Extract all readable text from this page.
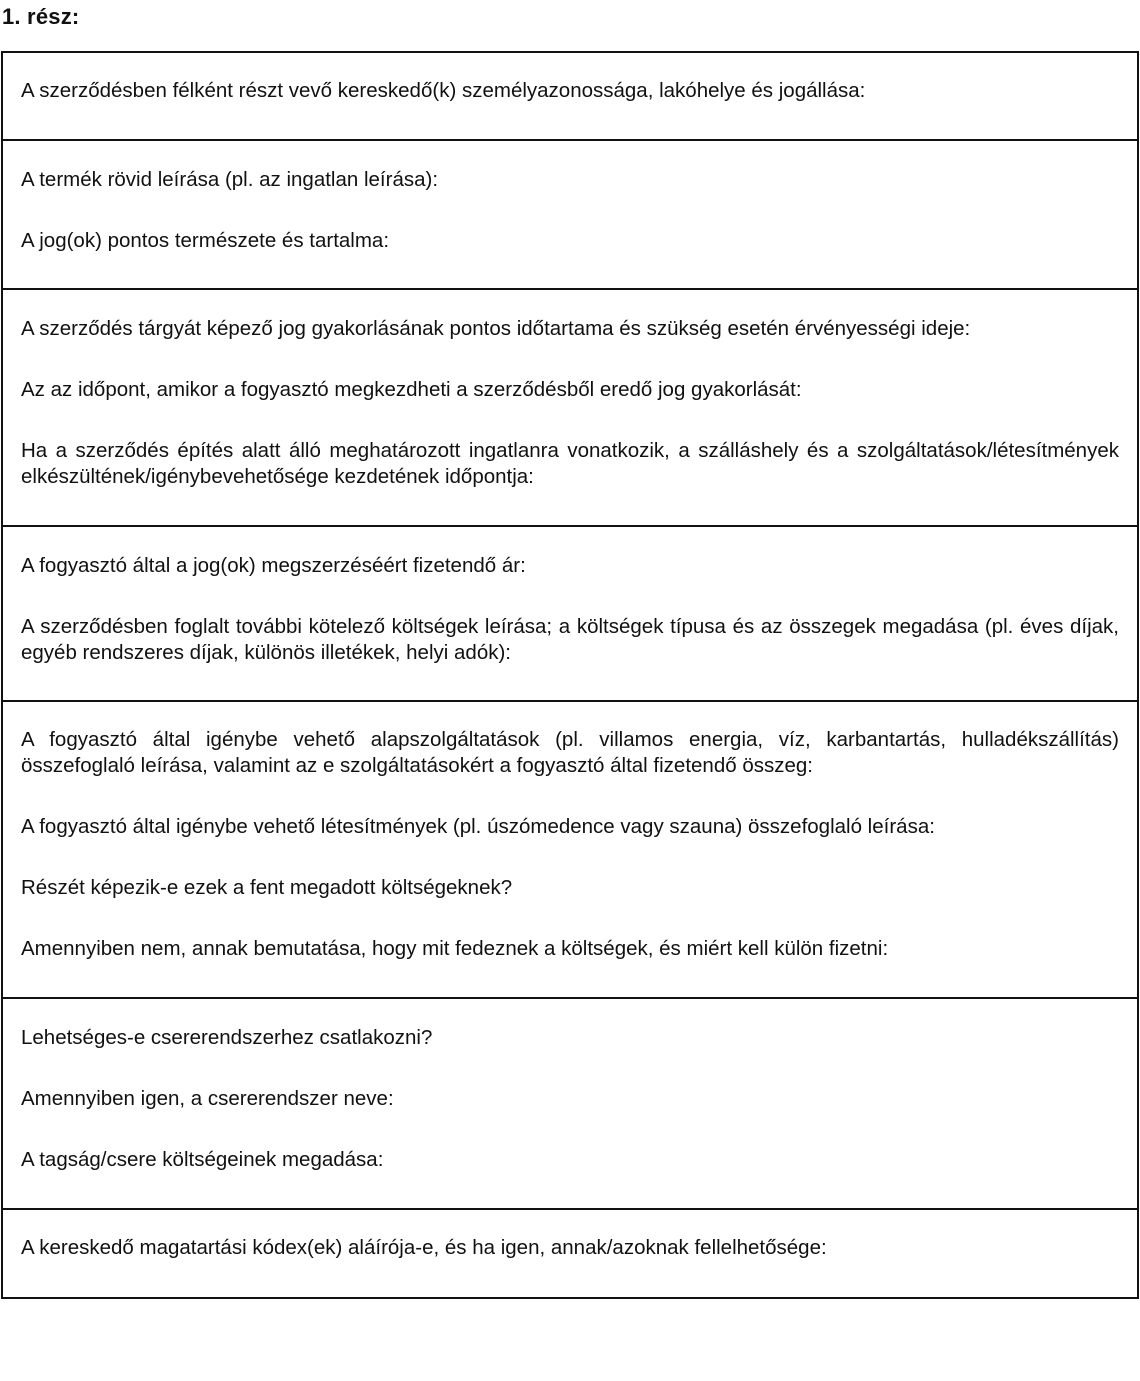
1. rész:

A szerződésben félként részt vevő kereskedő(k) személyazonossága, lakóhelye és jogállása:

A termék rövid leírása (pl. az ingatlan leírása):

A jog(ok) pontos természete és tartalma:

A szerződés tárgyát képező jog gyakorlásának pontos időtartama és szükség esetén érvényességi ideje:

Az az időpont, amikor a fogyasztó megkezdheti a szerződésből eredő jog gyakorlását:

Ha a szerződés építés alatt álló meghatározott ingatlanra vonatkozik, a szálláshely és a szolgáltatások/létesítmények elkészültének/igénybevehetősége kezdetének időpontja:

A fogyasztó által a jog(ok) megszerzéséért fizetendő ár:

A szerződésben foglalt további kötelező költségek leírása; a költségek típusa és az összegek megadása (pl. éves díjak, egyéb rendszeres díjak, különös illetékek, helyi adók):

A fogyasztó által igénybe vehető alapszolgáltatások (pl. villamos energia, víz, karbantartás, hulladékszállítás) összefoglaló leírása, valamint az e szolgáltatásokért a fogyasztó által fizetendő összeg:

A fogyasztó által igénybe vehető létesítmények (pl. úszómedence vagy szauna) összefoglaló leírása:

Részét képezik-e ezek a fent megadott költségeknek?

Amennyiben nem, annak bemutatása, hogy mit fedeznek a költségek, és miért kell külön fizetni:

Lehetséges-e csererendszerhez csatlakozni?

Amennyiben igen, a csererendszer neve:

A tagság/csere költségeinek megadása:

A kereskedő magatartási kódex(ek) aláírója-e, és ha igen, annak/azoknak fellelhetősége:
